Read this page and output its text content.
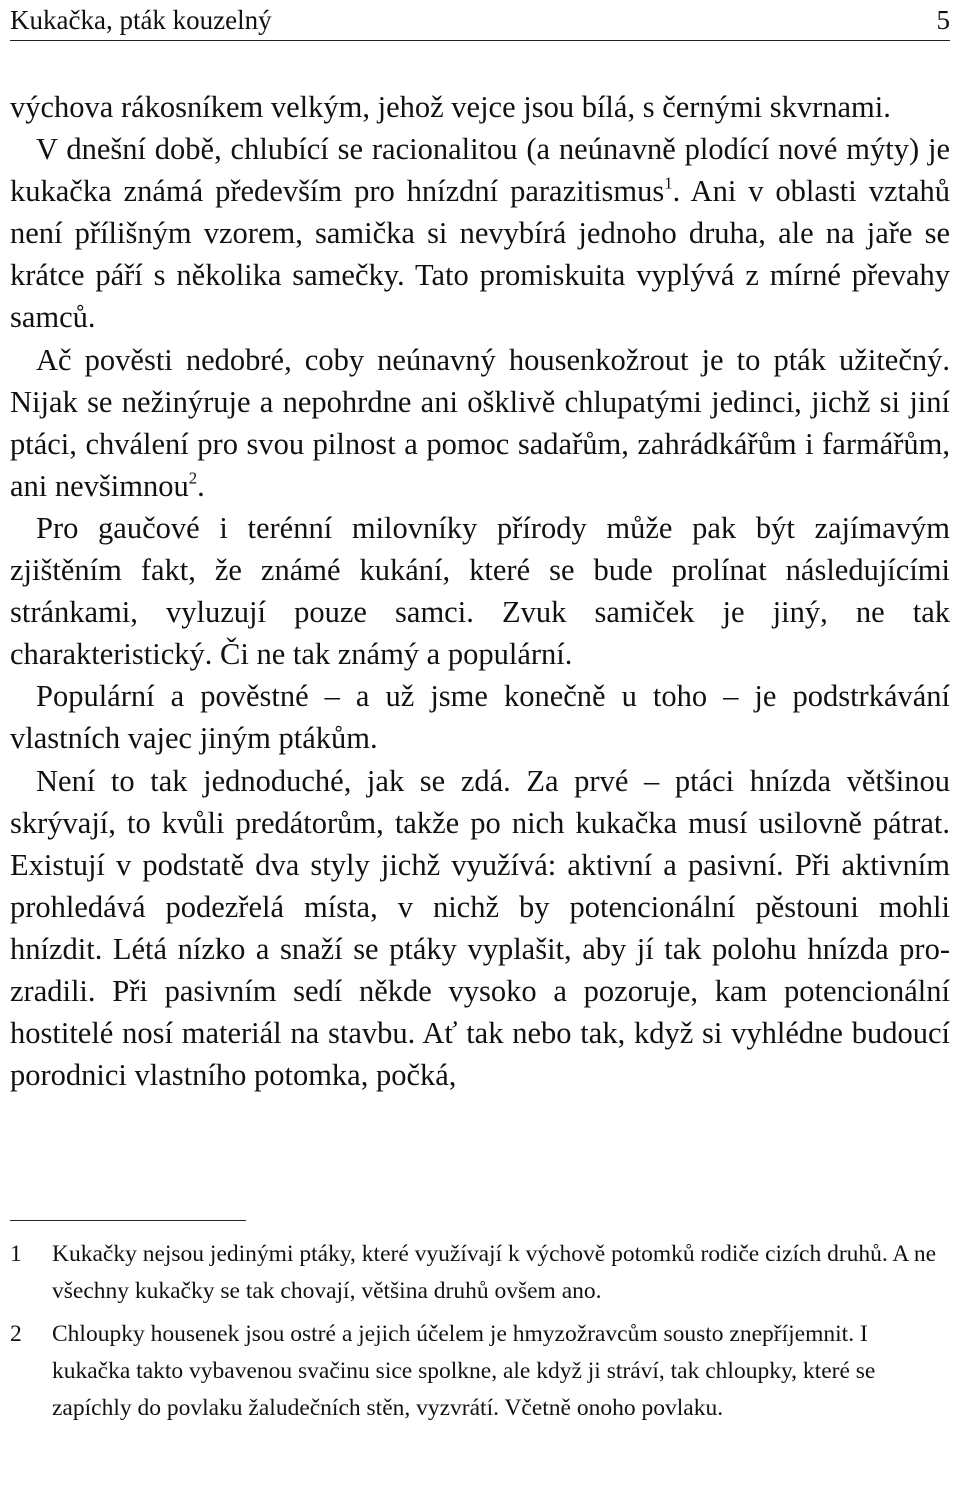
Kukačka, pták kouzelný	5

výchova rákosníkem velkým, jehož vejce jsou bílá, s černými skvrnami.

V dnešní době, chlubící se racionalitou (a neúnavně plodící nové mýty) je kukačka známá především pro hnízdní parazitismus$^1$. Ani v oblasti vztahů není přílišným vzorem, samička si nevybírá jednoho druha, ale na jaře se krátce páří s několika samečky. Tato promiskuita vyplývá z mírné převahy samců.

Ač pověsti nedobré, coby neúnavný housenkožrout je to pták užitečný. Nijak se nežinýruje a nepohrdne ani ošklivě chlupatými jedinci, jichž si jiní ptáci, chválení pro svou pilnost a pomoc sadařům, zahrádkářům i farmářům, ani nevšimnou$^2$.

Pro gaučové i terénní milovníky přírody může pak být zajímavým zjištěním fakt, že známé kukání, které se bude prolínat následujícími stránkami, vyluzují pouze samci. Zvuk samiček je jiný, ne tak charakteristický. Či ne tak známý a populární.

Populární a pověstné – a už jsme konečně u toho – je podstrkávání vlastních vajec jiným ptákům.

Není to tak jednoduché, jak se zdá. Za prvé – ptáci hnízda většinou skrývají, to kvůli predátorům, takže po nich kukačka musí usilovně pátrat. Existují v podstatě dva styly jichž využívá: aktivní a pasivní. Při aktivním prohledává podezřelá místa, v nichž by potencionální pěstouni mohli hnízdit. Létá nízko a snaží se ptáky vyplašit, aby jí tak polohu hnízda prozradili. Při pasivním sedí někde vysoko a pozoruje, kam potencionální hostitelé nosí materiál na stavbu. Ať tak nebo tak, když si vyhlédne budoucí porodnici vlastního potomka, počká,

1 Kukačky nejsou jedinými ptáky, které využívají k výchově potomků rodiče cizích druhů. A ne všechny kukačky se tak chovají, většina druhů ovšem ano.
2 Chloupky housenek jsou ostré a jejich účelem je hmyzožravcům sousto znepříjemnit. I kukačka takto vybavenou svačinu sice spolkne, ale když ji stráví, tak chloupky, které se zapíchly do povlaku žaludečních stěn, vyzvrátí. Včetně onoho povlaku.
